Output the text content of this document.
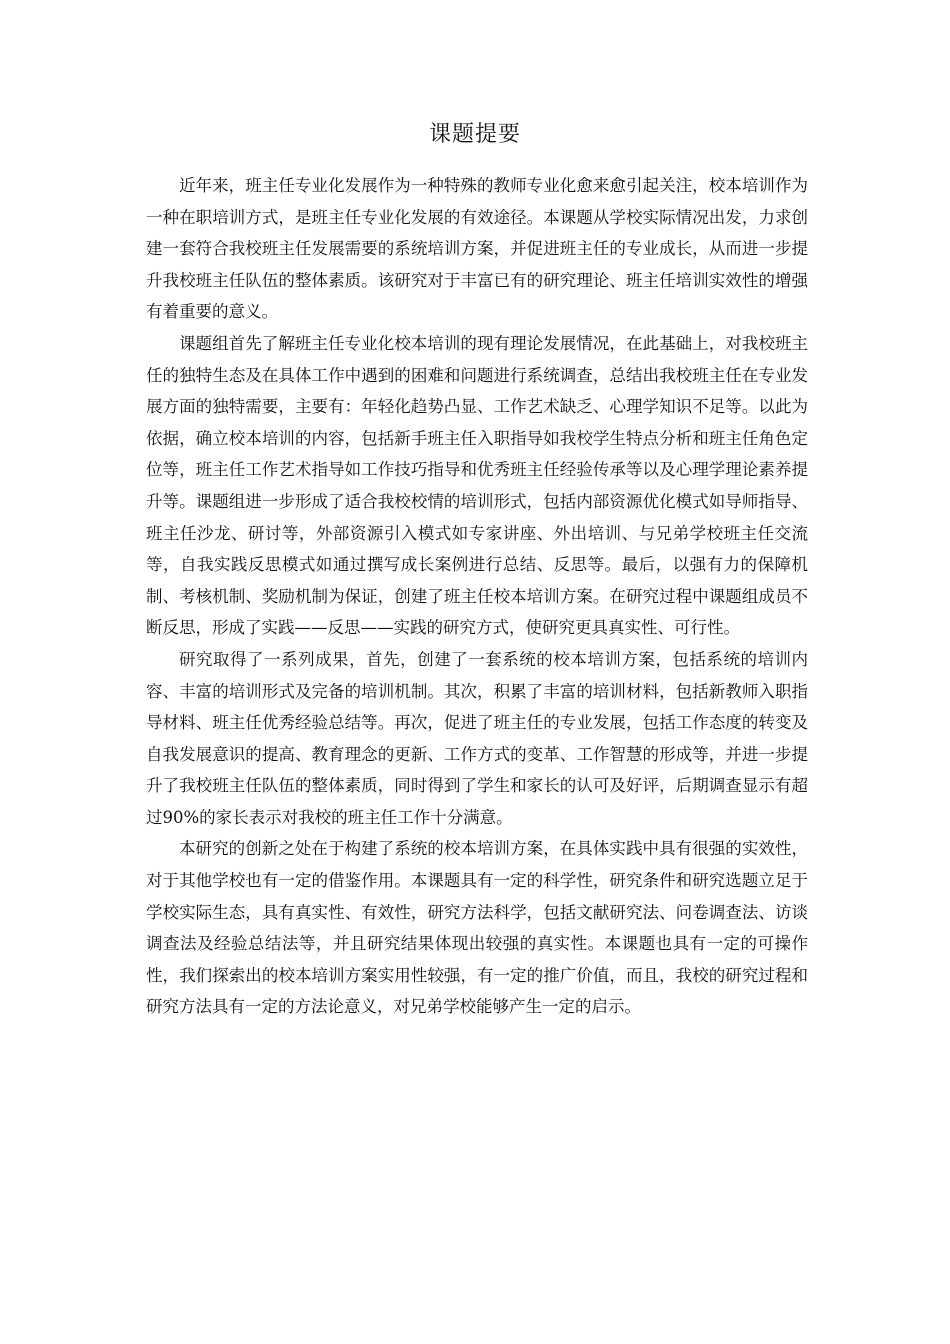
课题提要

近年来，班主任专业化发展作为一种特殊的教师专业化愈来愈引起关注，校本培训作为一种在职培训方式，是班主任专业化发展的有效途径。本课题从学校实际情况出发，力求创建一套符合我校班主任发展需要的系统培训方案，并促进班主任的专业成长，从而进一步提升我校班主任队伍的整体素质。该研究对于丰富已有的研究理论、班主任培训实效性的增强有着重要的意义。

课题组首先了解班主任专业化校本培训的现有理论发展情况，在此基础上，对我校班主任的独特生态及在具体工作中遇到的困难和问题进行系统调查，总结出我校班主任在专业发展方面的独特需要，主要有：年轻化趋势凸显、工作艺术缺乏、心理学知识不足等。以此为依据，确立校本培训的内容，包括新手班主任入职指导如我校学生特点分析和班主任角色定位等，班主任工作艺术指导如工作技巧指导和优秀班主任经验传承等以及心理学理论素养提升等。课题组进一步形成了适合我校校情的培训形式，包括内部资源优化模式如导师指导、班主任沙龙、研讨等，外部资源引入模式如专家讲座、外出培训、与兄弟学校班主任交流等，自我实践反思模式如通过撰写成长案例进行总结、反思等。最后，以强有力的保障机制、考核机制、奖励机制为保证，创建了班主任校本培训方案。在研究过程中课题组成员不断反思，形成了实践——反思——实践的研究方式，使研究更具真实性、可行性。

研究取得了一系列成果，首先，创建了一套系统的校本培训方案，包括系统的培训内容、丰富的培训形式及完备的培训机制。其次，积累了丰富的培训材料，包括新教师入职指导材料、班主任优秀经验总结等。再次，促进了班主任的专业发展，包括工作态度的转变及自我发展意识的提高、教育理念的更新、工作方式的变革、工作智慧的形成等，并进一步提升了我校班主任队伍的整体素质，同时得到了学生和家长的认可及好评，后期调查显示有超过90%的家长表示对我校的班主任工作十分满意。

本研究的创新之处在于构建了系统的校本培训方案，在具体实践中具有很强的实效性，对于其他学校也有一定的借鉴作用。本课题具有一定的科学性，研究条件和研究选题立足于学校实际生态，具有真实性、有效性，研究方法科学，包括文献研究法、问卷调查法、访谈调查法及经验总结法等，并且研究结果体现出较强的真实性。本课题也具有一定的可操作性，我们探索出的校本培训方案实用性较强，有一定的推广价值，而且，我校的研究过程和研究方法具有一定的方法论意义，对兄弟学校能够产生一定的启示。
